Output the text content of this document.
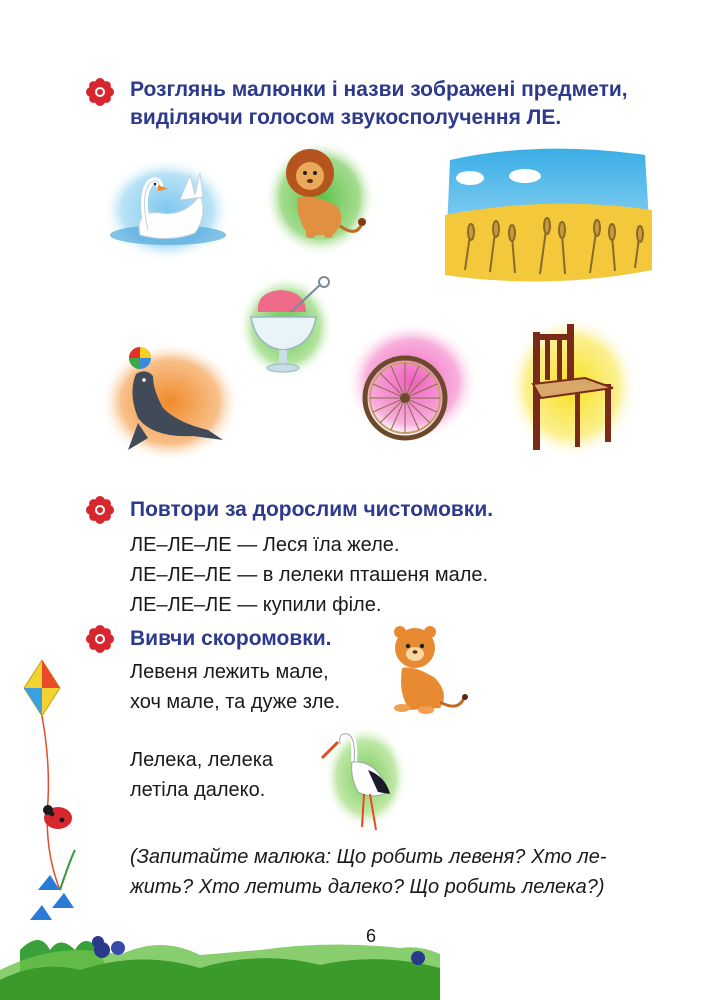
Розглянь малюнки і назви зображені предмети,
виділяючи голосом звукосполучення ЛЕ.
Повтори за дорослим чистомовки.
ЛЕ–ЛЕ–ЛЕ — Леся їла желе.
ЛЕ–ЛЕ–ЛЕ — в лелеки пташеня мале.
ЛЕ–ЛЕ–ЛЕ — купили філе.
Вивчи скоромовки.
Левеня лежить мале,
хоч мале, та дуже зле.
Лелека, лелека
летіла далеко.
(Запитайте малюка: Що робить левеня? Хто ле-
жить? Хто летить далеко? Що робить лелека?)
6
